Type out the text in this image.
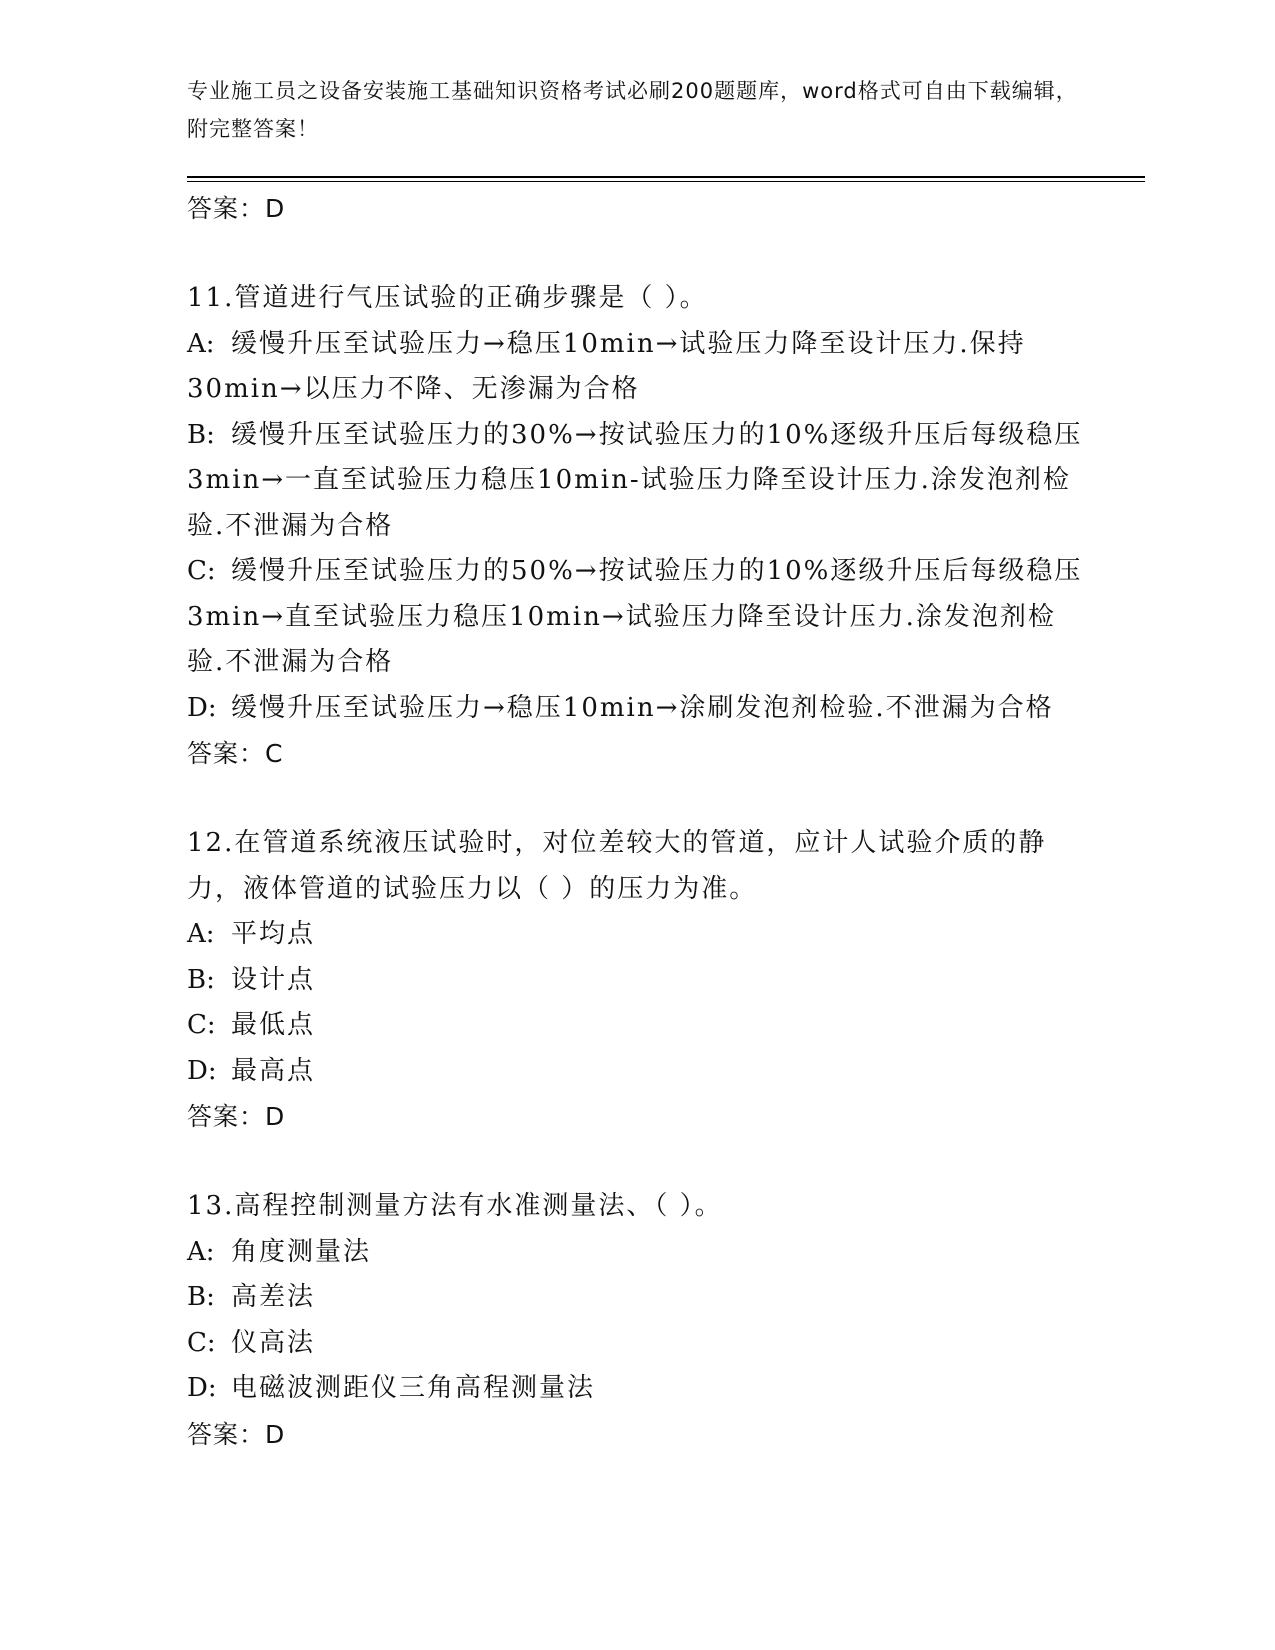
专业施工员之设备安装施工基础知识资格考试必刷200题题库，word格式可自由下载编辑，附完整答案！
答案：D
11.管道进行气压试验的正确步骤是（ ）。
A: 缓慢升压至试验压力→稳压10min→试验压力降至设计压力.保持30min→以压力不降、无渗漏为合格
B: 缓慢升压至试验压力的30%→按试验压力的10%逐级升压后每级稳压3min→一直至试验压力稳压10min-试验压力降至设计压力.涂发泡剂检验.不泄漏为合格
C: 缓慢升压至试验压力的50%→按试验压力的10%逐级升压后每级稳压3min→直至试验压力稳压10min→试验压力降至设计压力.涂发泡剂检验.不泄漏为合格
D: 缓慢升压至试验压力→稳压10min→涂刷发泡剂检验.不泄漏为合格
答案：C
12.在管道系统液压试验时，对位差较大的管道，应计人试验介质的静力，液体管道的试验压力以（ ）的压力为准。
A: 平均点
B: 设计点
C: 最低点
D: 最高点
答案：D
13.高程控制测量方法有水准测量法、（ ）。
A: 角度测量法
B: 高差法
C: 仪高法
D: 电磁波测距仪三角高程测量法
答案：D
